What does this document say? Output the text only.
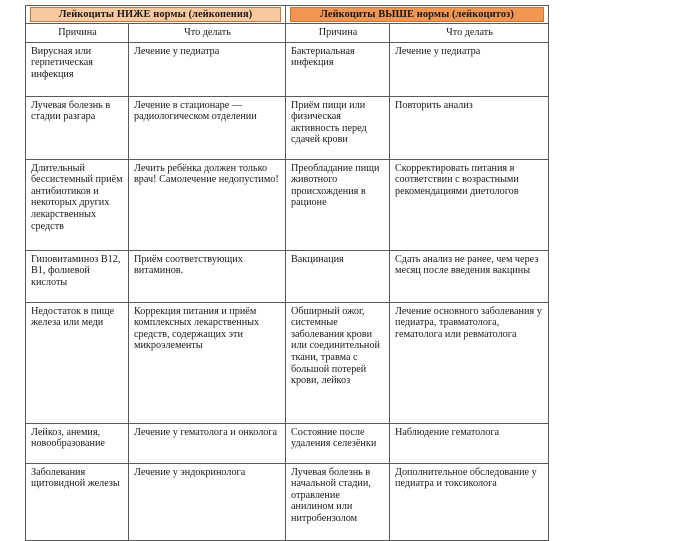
Лейкоциты НИЖЕ нормы (лейкопения)		Лейкоциты ВЫШЕ нормы (лейкоцитоз)	

Причина	Что делать	Причина	Что делать
Вирусная или герпетическая инфекция	Лечение у педиатра	Бактериальная инфекция	Лечение у педиатра
Лучевая болезнь в стадии разгара	Лечение в стационаре — радиологическом отделении	Приём пищи или физическая активность перед сдачей крови	Повторить анализ
Длительный бессистемный приём антибиотиков и некоторых других лекарственных средств	Лечить ребёнка должен только врач! Самолечение недопустимо!	Преобладание пищи животного происхождения в рационе	Скорректировать питания в соответствии с возрастными рекомендациями диетологов
Гиповитаминоз В12, В1, фолиевой кислоты	Приём соответствующих витаминов.	Вакцинация	Сдать анализ не ранее, чем через месяц после введения вакцины
Недостаток в пище железа или меди	Коррекция питания и приём комплексных лекарственных средств, содержащих эти микроэлементы	Обширный ожог, системные заболевания крови или соединительной ткани, травма с большой потерей крови, лейкоз	Лечение основного заболевания у педиатра, травматолога, гематолога или ревматолога
Лейкоз, анемия, новообразование	Лечение у гематолога и онколога	Состояние после удаления селезёнки	Наблюдение гематолога
Заболевания щитовидной железы	Лечение у эндокринолога	Лучевая болезнь в начальной стадии, отравление анилином или нитробензолом	Дополнительное обследование у педиатра и токсиколога
